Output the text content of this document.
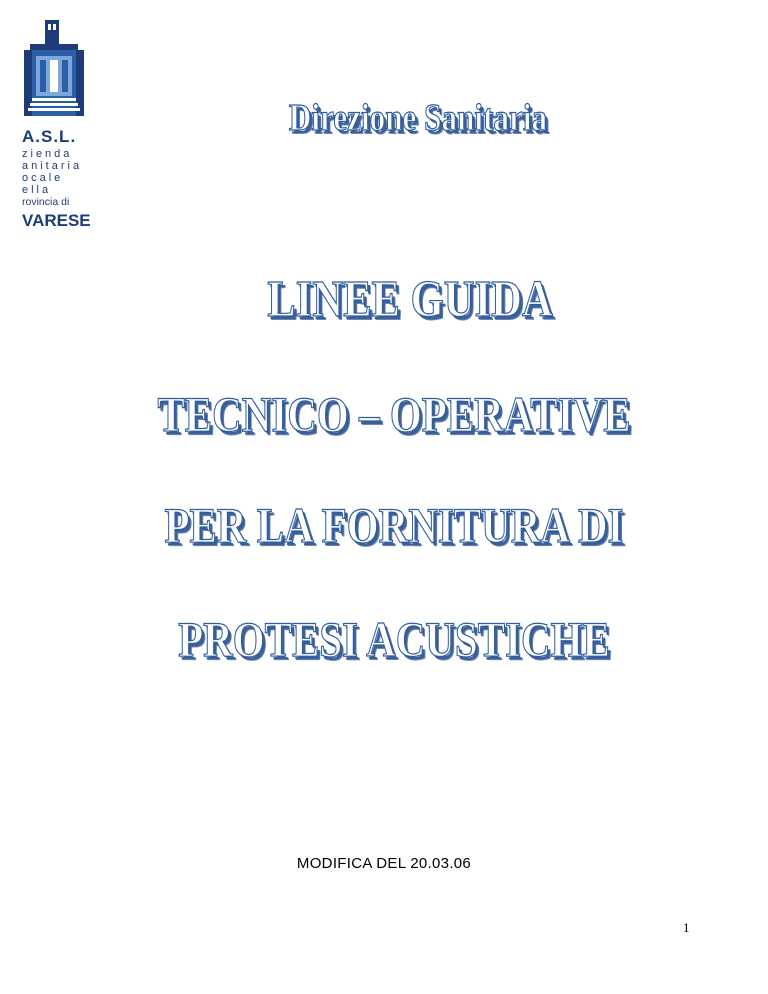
A.S.L.
zienda
anitaria
ocale
ella
rovincia di
VARESE
Direzione Sanitaria
LINEE GUIDA
TECNICO – OPERATIVE
PER LA FORNITURA DI
PROTESI ACUSTICHE
MODIFICA DEL 20.03.06
1
